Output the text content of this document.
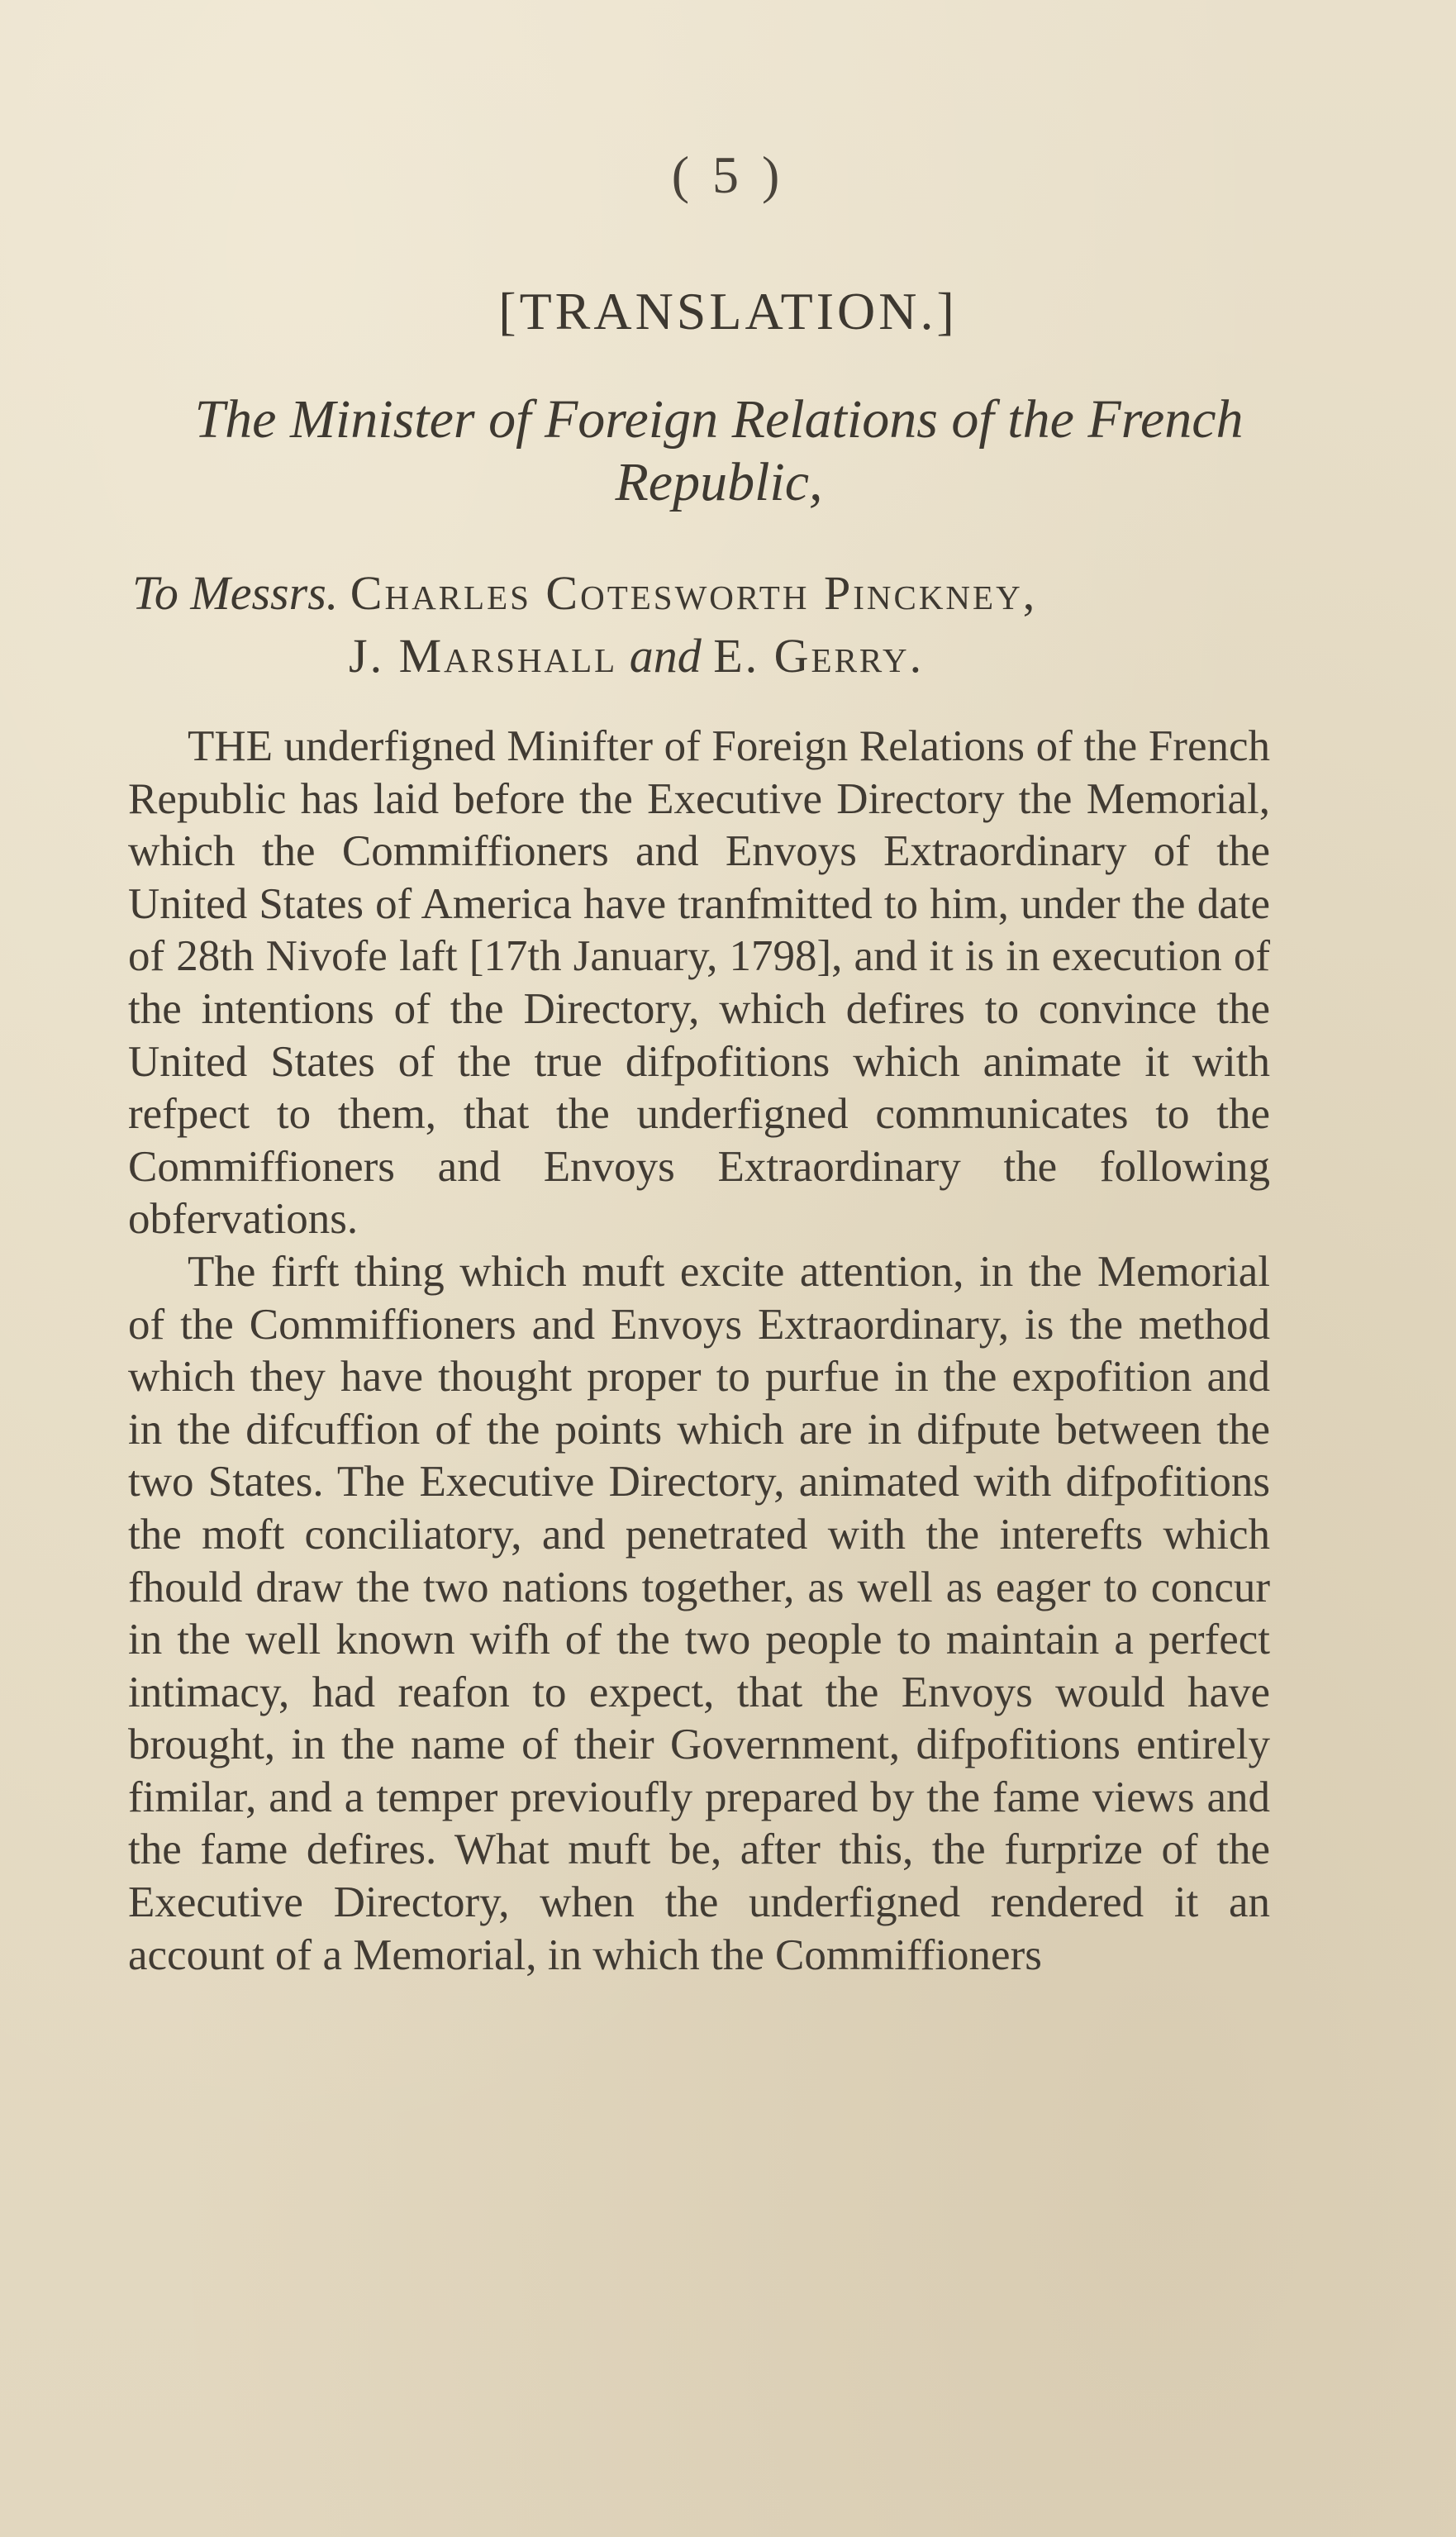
( 5 )
[TRANSLATION.]
The Minister of Foreign Relations of the French Republic,
To Messrs. Charles Cotesworth Pinckney,
J. Marshall and E. Gerry.

THE underfigned Minifter of Foreign Relations of the French Republic has laid before the Executive Directory the Memorial, which the Commiffioners and Envoys Extraordinary of the United States of America have tranfmitted to him, under the date of 28th Nivofe laft [17th January, 1798], and it is in execution of the intentions of the Directory, which defires to convince the United States of the true difpofitions which animate it with refpect to them, that the underfigned communicates to the Commiffioners and Envoys Extraordinary the following obfervations.

The firft thing which muft excite attention, in the Memorial of the Commiffioners and Envoys Extraordinary, is the method which they have thought proper to purfue in the expofition and in the difcuffion of the points which are in difpute between the two States. The Executive Directory, animated with difpofitions the moft conciliatory, and penetrated with the interefts which fhould draw the two nations together, as well as eager to concur in the well known wifh of the two people to maintain a perfect intimacy, had reafon to expect, that the Envoys would have brought, in the name of their Government, difpofitions entirely fimilar, and a temper previoufly prepared by the fame views and the fame defires. What muft be, after this, the furprize of the Executive Directory, when the underfigned rendered it an account of a Memorial, in which the Commiffioners
